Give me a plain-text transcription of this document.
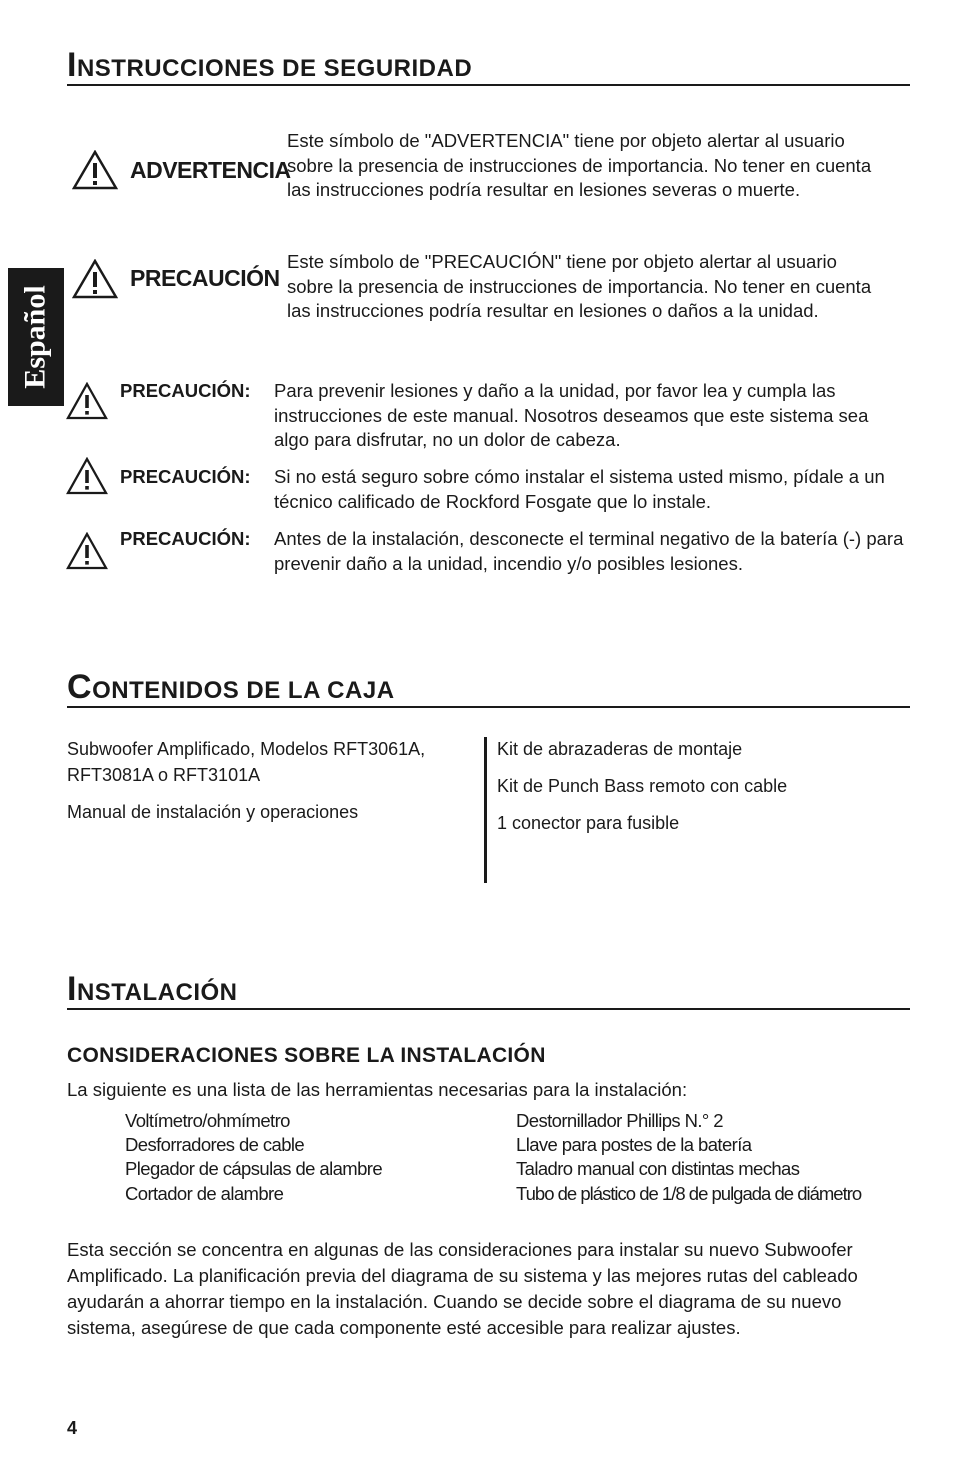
Español
INSTRUCCIONES DE SEGURIDAD
ADVERTENCIA
Este símbolo de "ADVERTENCIA" tiene por objeto alertar al usuario sobre la presencia de instrucciones de importancia. No tener en cuenta las instrucciones podría resultar en lesiones severas o muerte.
PRECAUCIÓN
Este símbolo de "PRECAUCIÓN" tiene por objeto alertar al usuario sobre la presencia de instrucciones de importancia. No tener en cuenta las instrucciones podría resultar en lesiones o daños a la unidad.
PRECAUCIÓN: Para prevenir lesiones y daño a la unidad, por favor lea y cumpla las instrucciones de este manual. Nosotros deseamos que este sistema sea algo para disfrutar, no un dolor de cabeza.
PRECAUCIÓN: Si no está seguro sobre cómo instalar el sistema usted mismo, pídale a un técnico calificado de Rockford Fosgate que lo instale.
PRECAUCIÓN: Antes de la instalación, desconecte el terminal negativo de la batería (-) para prevenir daño a la unidad, incendio y/o posibles lesiones.
CONTENIDOS DE LA CAJA

Subwoofer Amplificado, Modelos RFT3061A, RFT3081A o RFT3101A

Manual de instalación y operaciones

Kit de abrazaderas de montaje

Kit de Punch Bass remoto con cable

1 conector para fusible

INSTALACIÓN
CONSIDERACIONES SOBRE LA INSTALACIÓN
La siguiente es una lista de las herramientas necesarias para la instalación:
Voltímetro/ohmímetro
Desforradores de cable
Plegador de cápsulas de alambre
Cortador de alambre
Destornillador Phillips N.° 2
Llave para postes de la batería
Taladro manual con distintas mechas
Tubo de plástico de 1/8 de pulgada de diámetro
Esta sección se concentra en algunas de las consideraciones para instalar su nuevo Subwoofer Amplificado. La planificación previa del diagrama de su sistema y las mejores rutas del cableado ayudarán a ahorrar tiempo en la instalación. Cuando se decide sobre el diagrama de su nuevo sistema, asegúrese de que cada componente esté accesible para realizar ajustes.
4
